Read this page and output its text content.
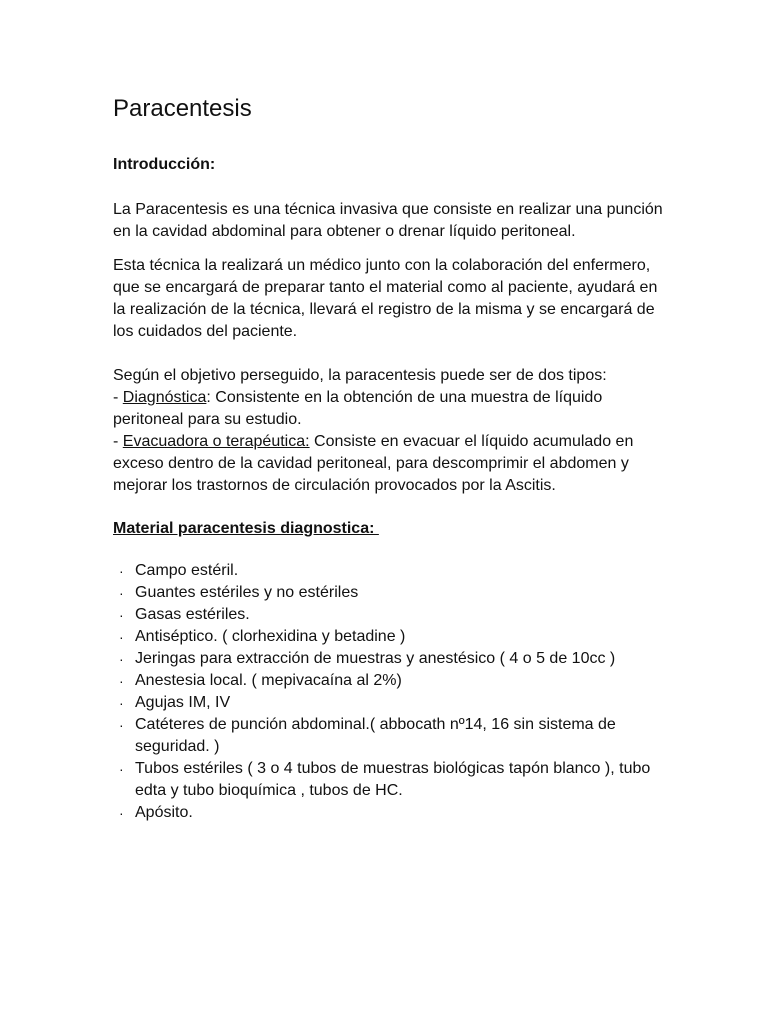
Paracentesis
Introducción:

La Paracentesis es una técnica invasiva que consiste en realizar una punción en la cavidad abdominal para obtener o drenar líquido peritoneal.

Esta técnica la realizará un médico junto con la colaboración del enfermero, que se encargará de preparar tanto el material como al paciente, ayudará en la realización de la técnica, llevará el registro de la misma y se encargará de los cuidados del paciente.

Según el objetivo perseguido, la paracentesis puede ser de dos tipos:
- Diagnóstica: Consistente en la obtención de una muestra de líquido peritoneal para su estudio.
- Evacuadora o terapéutica: Consiste en evacuar el líquido acumulado en exceso dentro de la cavidad peritoneal, para descomprimir el abdomen y mejorar los trastornos de circulación provocados por la Ascitis.
Material paracentesis diagnostica:
· Campo estéril.
· Guantes estériles y no estériles
· Gasas estériles.
· Antiséptico. ( clorhexidina y betadine )
· Jeringas para extracción de muestras y anestésico ( 4 o 5 de 10cc )
· Anestesia local. ( mepivacaína al 2%)
· Agujas IM, IV
· Catéteres de punción abdominal.( abbocath nº14, 16 sin sistema de seguridad. )
· Tubos estériles ( 3 o 4 tubos de muestras biológicas tapón blanco ), tubo edta y tubo bioquímica , tubos de HC.
· Apósito.
